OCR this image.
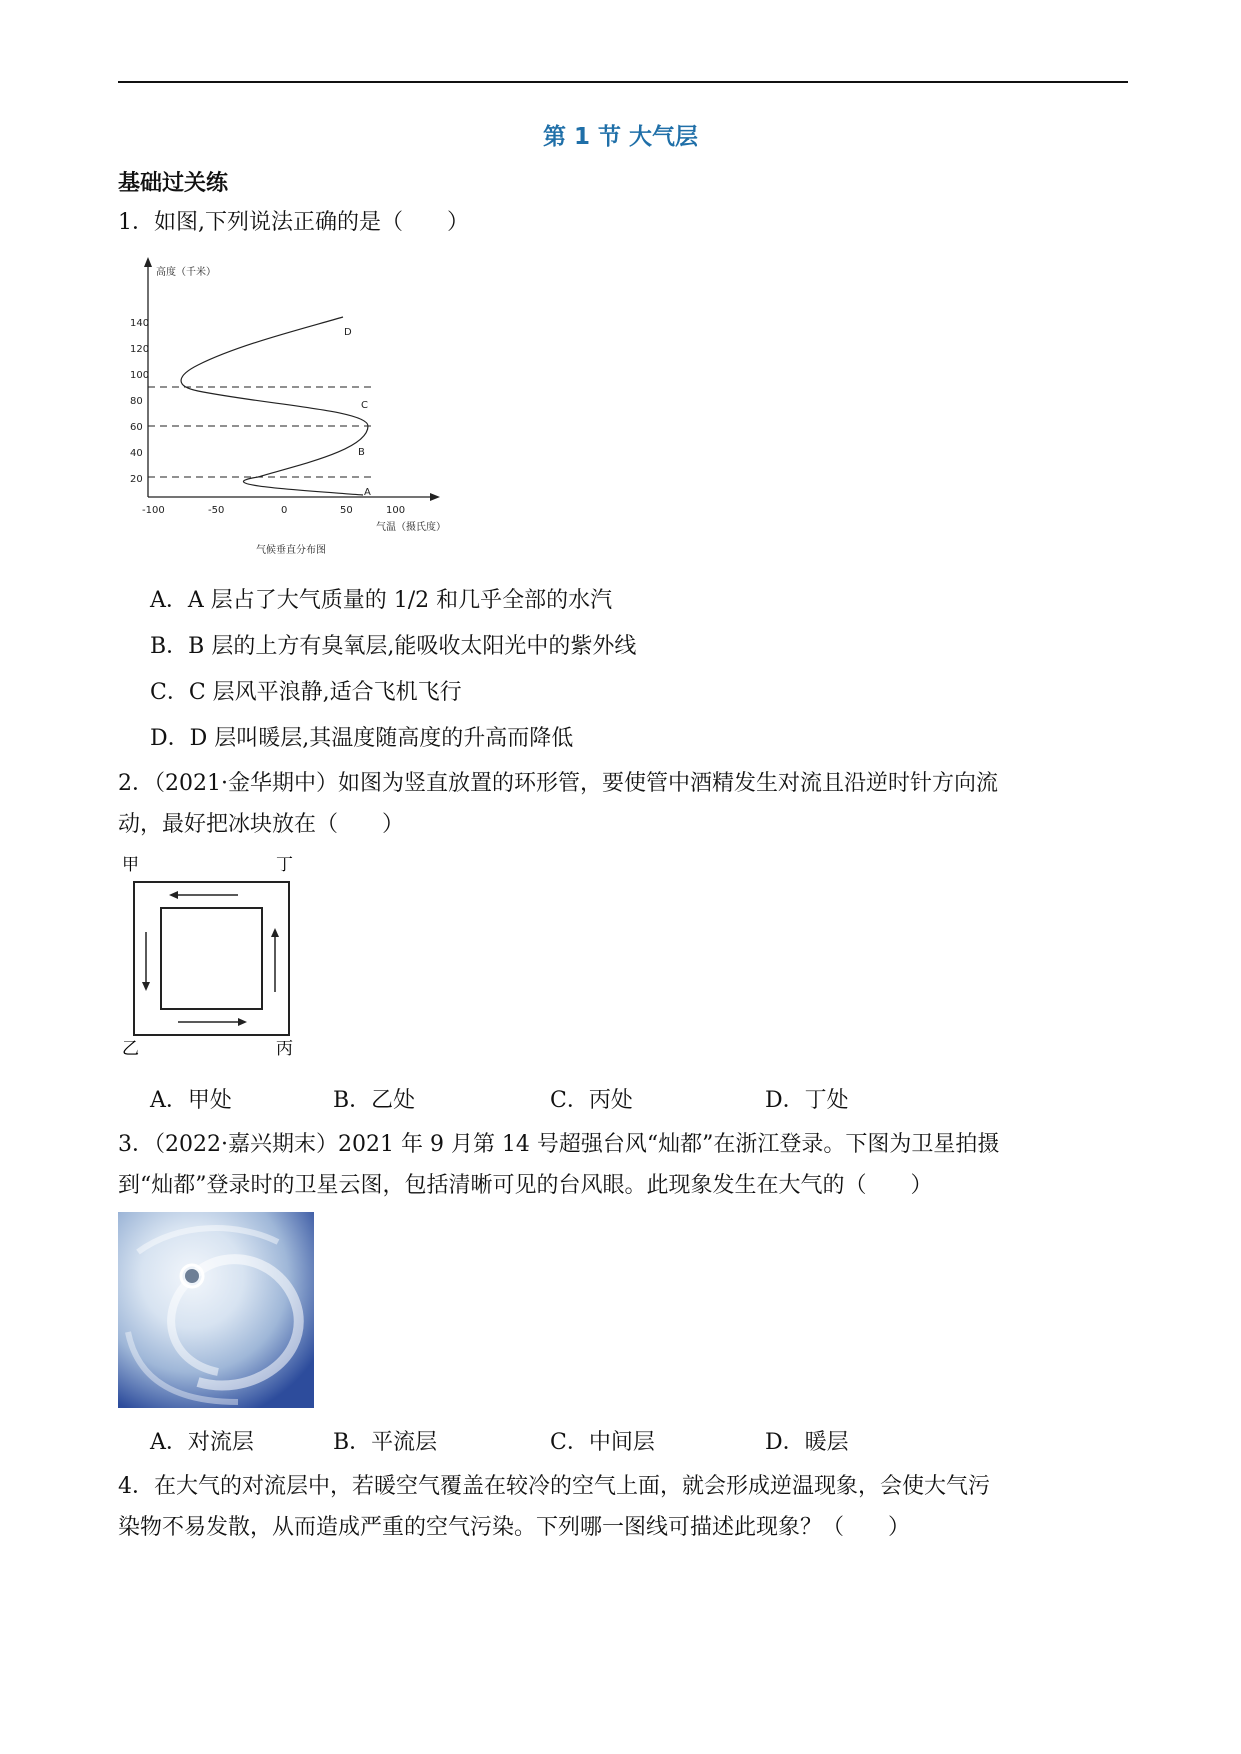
第 1 节 大气层
基础过关练
1．如图,下列说法正确的是（　　）
高度（千米）
20
40
60
80
100
120
140
-100	-50	0	50	100
气温（摄氏度）
气候垂直分布图
A
B
C
D
A．A 层占了大气质量的 1/2 和几乎全部的水汽
B．B 层的上方有臭氧层,能吸收太阳光中的紫外线
C．C 层风平浪静,适合飞机飞行
D．D 层叫暖层,其温度随高度的升高而降低
2．（2021·金华期中）如图为竖直放置的环形管，要使管中酒精发生对流且沿逆时针方向流
动，最好把冰块放在（　　）
甲	丁
乙	丙
A．甲处	B．乙处	C．丙处	D．丁处
3．（2022·嘉兴期末）2021 年 9 月第 14 号超强台风“灿都”在浙江登录。下图为卫星拍摄
到“灿都”登录时的卫星云图，包括清晰可见的台风眼。此现象发生在大气的（　　）
A．对流层	B．平流层	C．中间层	D．暖层
4．在大气的对流层中，若暖空气覆盖在较冷的空气上面，就会形成逆温现象，会使大气污
染物不易发散，从而造成严重的空气污染。下列哪一图线可描述此现象？（　　）
